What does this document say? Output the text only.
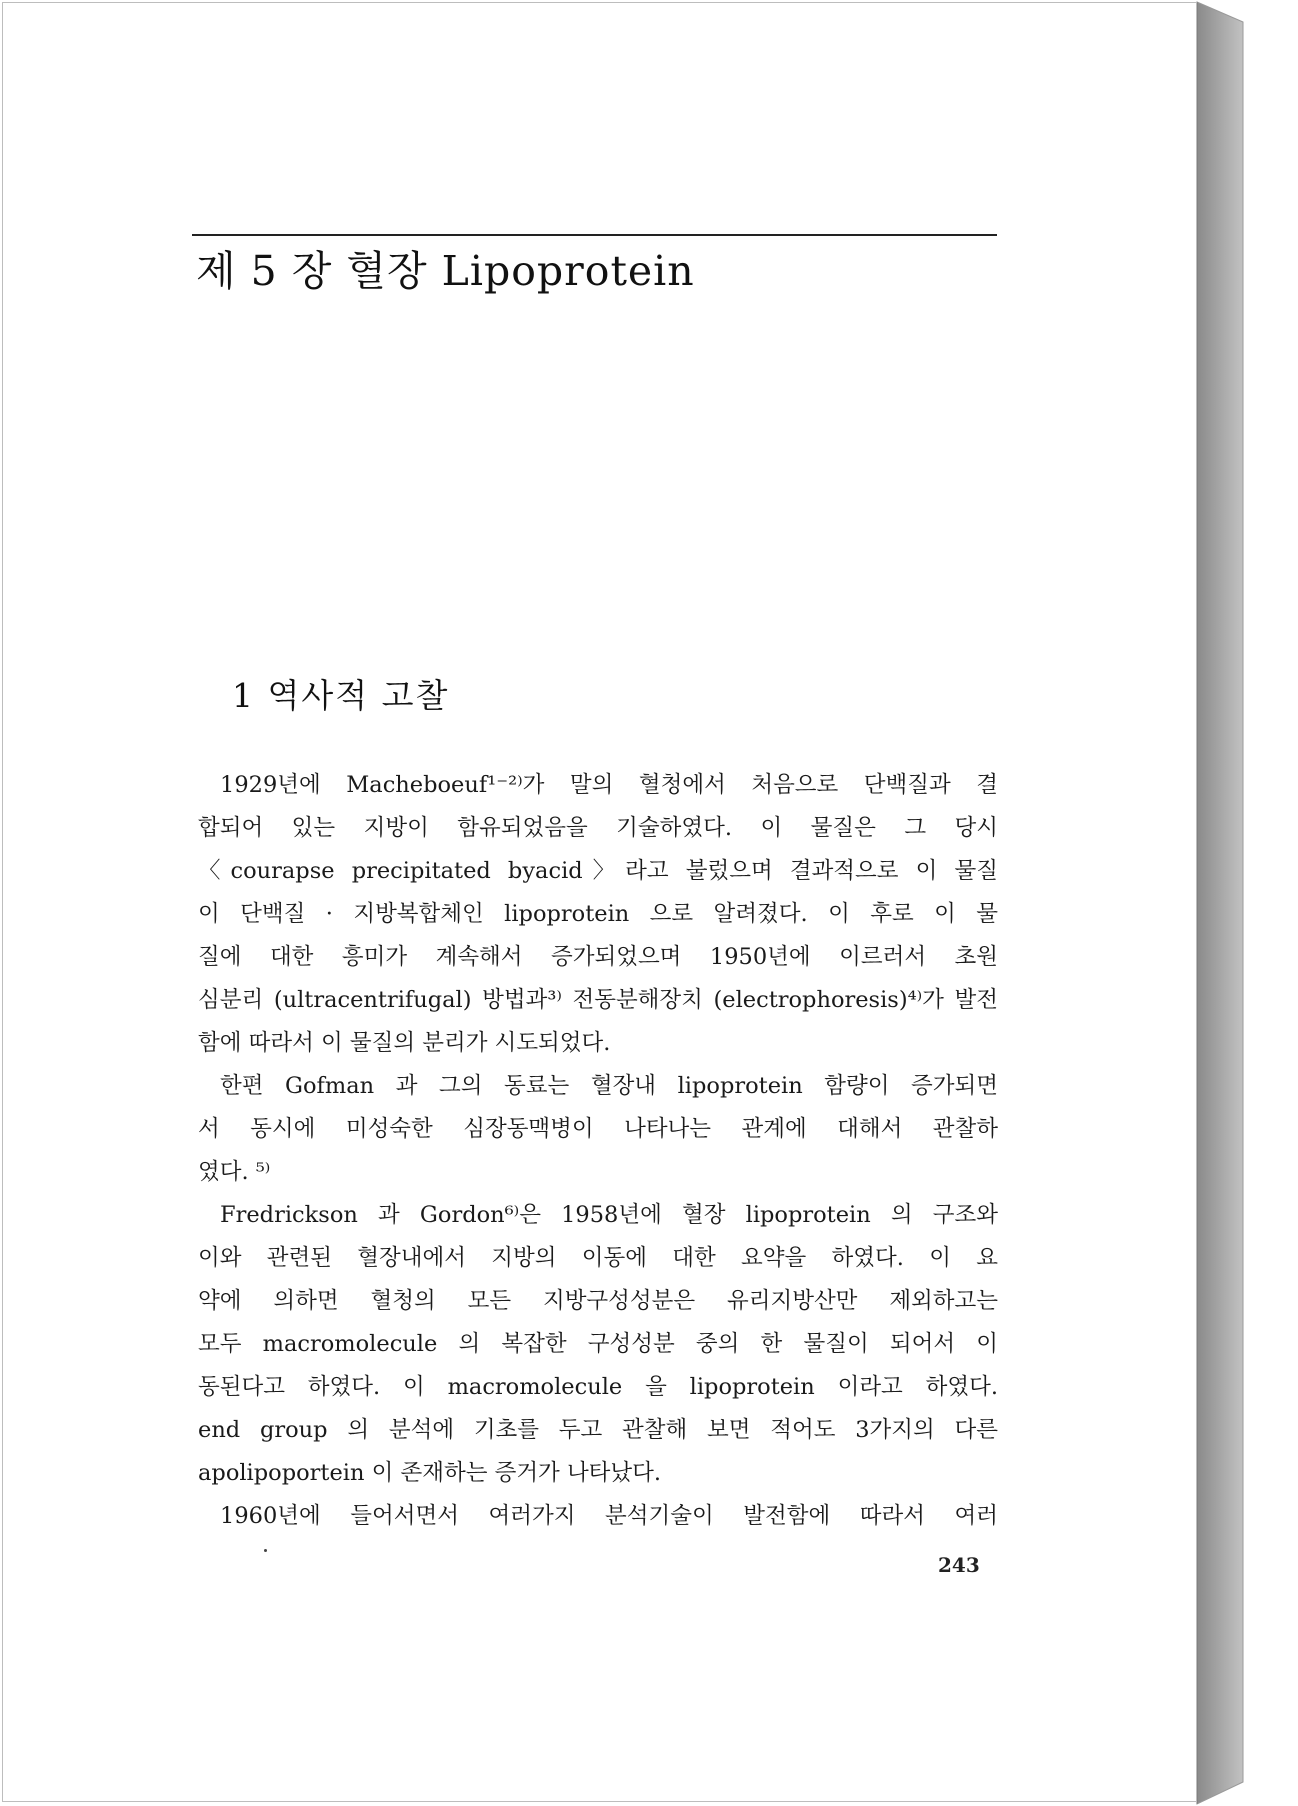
제 5 장 혈장 Lipoprotein
1 역사적 고찰
1929년에 Macheboeuf¹⁻²⁾가 말의 혈청에서 처음으로 단백질과 결
합되어 있는 지방이 함유되었음을 기술하였다. 이 물질은 그 당시
〈courapse precipitated byacid〉라고 불렀으며 결과적으로 이 물질
이 단백질 · 지방복합체인 lipoprotein 으로 알려졌다. 이 후로 이 물
질에 대한 흥미가 계속해서 증가되었으며 1950년에 이르러서 초원
심분리 (ultracentrifugal) 방법과³⁾ 전동분해장치 (electrophoresis)⁴⁾가 발전
함에 따라서 이 물질의 분리가 시도되었다.
한편 Gofman 과 그의 동료는 혈장내 lipoprotein 함량이 증가되면
서 동시에 미성숙한 심장동맥병이 나타나는 관계에 대해서 관찰하
였다. ⁵⁾
Fredrickson 과 Gordon⁶⁾은 1958년에 혈장 lipoprotein 의 구조와
이와 관련된 혈장내에서 지방의 이동에 대한 요약을 하였다. 이 요
약에 의하면 혈청의 모든 지방구성성분은 유리지방산만 제외하고는
모두 macromolecule 의 복잡한 구성성분 중의 한 물질이 되어서 이
동된다고 하였다. 이 macromolecule 을 lipoprotein 이라고 하였다.
end group 의 분석에 기초를 두고 관찰해 보면 적어도 3가지의 다른
apolipoportein 이 존재하는 증거가 나타났다.
1960년에 들어서면서 여러가지 분석기술이 발전함에 따라서 여러
243
